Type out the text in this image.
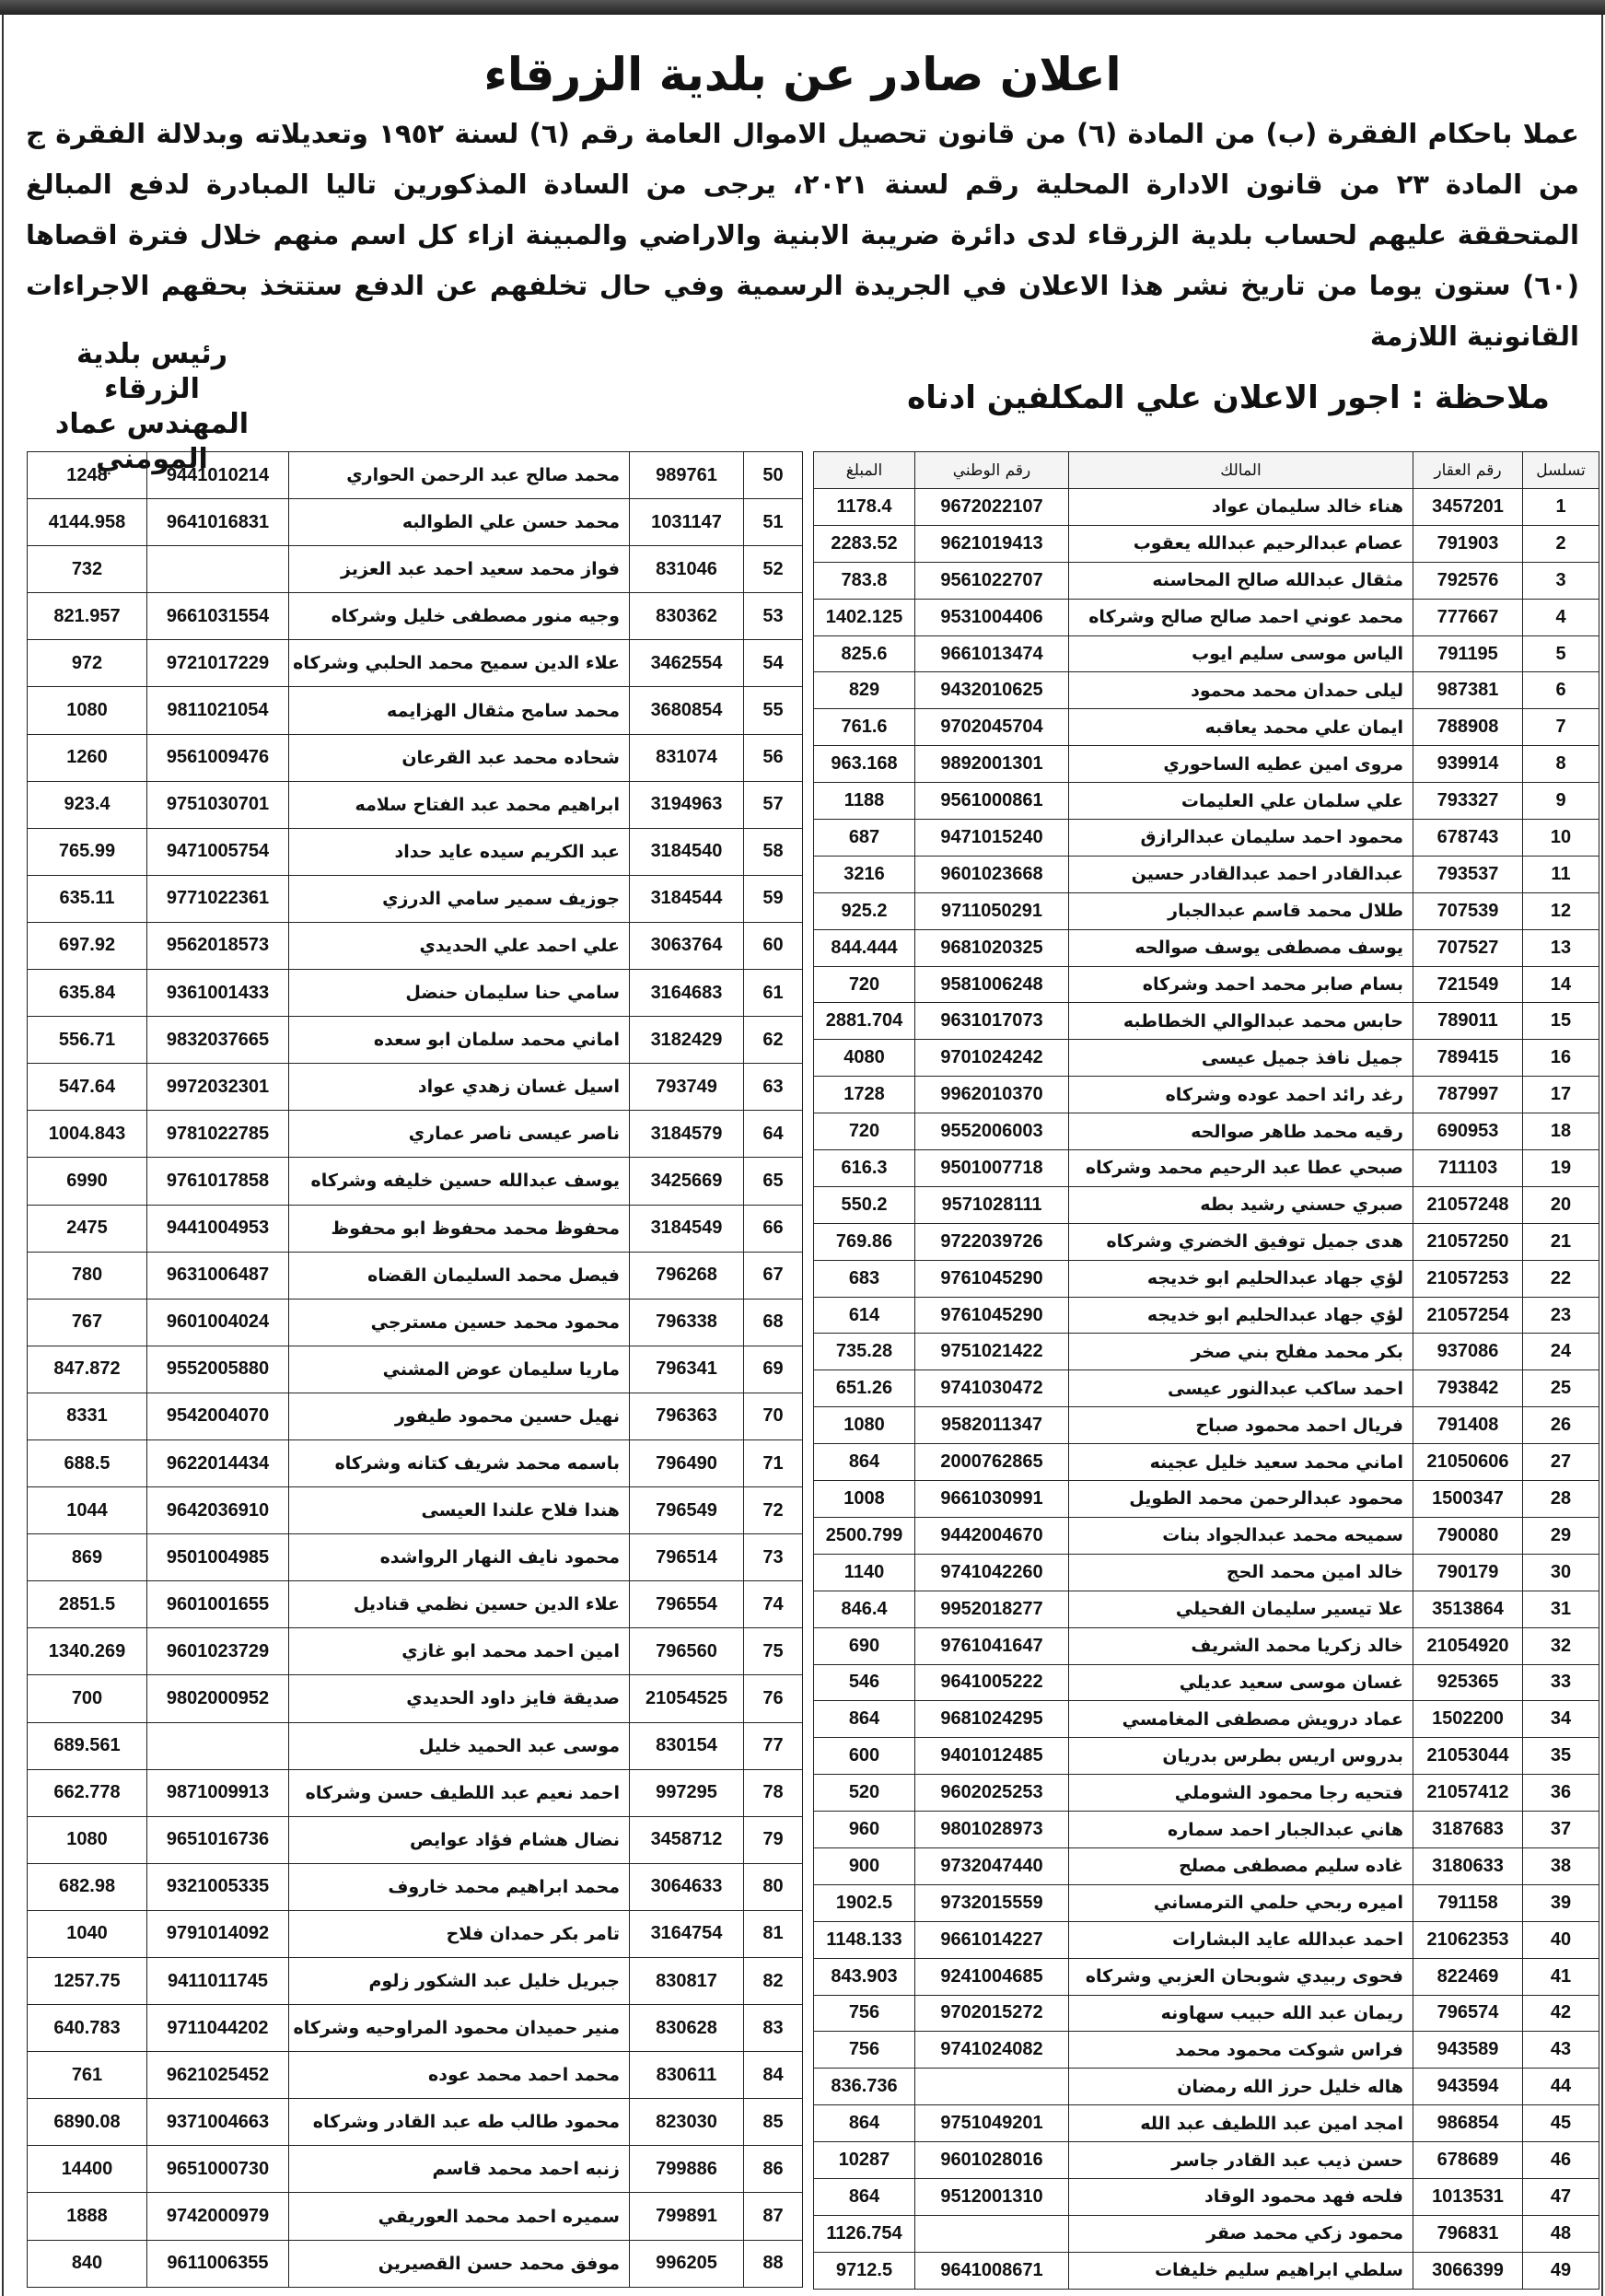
اعلان صادر عن بلدية الزرقاء

عملا باحكام الفقرة (ب) من المادة (٦) من قانون تحصيل الاموال العامة رقم (٦) لسنة ١٩٥٢ وتعديلاته وبدلالة الفقرة ج من المادة ٢٣ من قانون الادارة المحلية رقم لسنة ٢٠٢١، يرجى من السادة المذكورين تاليا المبادرة لدفع المبالغ المتحققة عليهم لحساب بلدية الزرقاء لدى دائرة ضريبة الابنية والاراضي والمبينة ازاء كل اسم منهم خلال فترة اقصاها (٦٠) ستون يوما من تاريخ نشر هذا الاعلان في الجريدة الرسمية وفي حال تخلفهم عن الدفع ستتخذ بحقهم الاجراءات القانونية اللازمة

رئيس بلدية الزرقاء
المهندس عماد المومني
ملاحظة : اجور الاعلان علي المكلفين ادناه
تسلسل	رقم العقار	المالك	رقم الوطني	المبلغ
1	3457201	هناء خالد سليمان عواد	9672022107	1178.4
2	791903	عصام عبدالرحيم عبدالله يعقوب	9621019413	2283.52
3	792576	مثقال عبدالله صالح المحاسنه	9561022707	783.8
4	777667	محمد عوني احمد صالح صالح وشركاه	9531004406	1402.125
5	791195	الياس موسى سليم ايوب	9661013474	825.6
6	987381	ليلى حمدان محمد محمود	9432010625	829
7	788908	ايمان علي محمد يعاقبه	9702045704	761.6
8	939914	مروى امين عطيه الساحوري	9892001301	963.168
9	793327	علي سلمان علي العليمات	9561000861	1188
10	678743	محمود احمد سليمان عبدالرازق	9471015240	687
11	793537	عبدالقادر احمد عبدالقادر حسين	9601023668	3216
12	707539	طلال محمد قاسم عبدالجبار	9711050291	925.2
13	707527	يوسف مصطفى يوسف صوالحه	9681020325	844.444
14	721549	بسام صابر محمد احمد وشركاه	9581006248	720
15	789011	حابس محمد عبدالوالي الخطاطبه	9631017073	2881.704
16	789415	جميل نافذ جميل عيسى	9701024242	4080
17	787997	رغد رائد احمد عوده وشركاه	9962010370	1728
18	690953	رقيه محمد طاهر صوالحه	9552006003	720
19	711103	صبحي عطا عبد الرحيم محمد وشركاه	9501007718	616.3
20	21057248	صبري حسني رشيد بطه	9571028111	550.2
21	21057250	هدى جميل توفيق الخضري وشركاه	9722039726	769.86
22	21057253	لؤي جهاد عبدالحليم ابو خديجه	9761045290	683
23	21057254	لؤي جهاد عبدالحليم ابو خديجه	9761045290	614
24	937086	بكر محمد مفلح بني صخر	9751021422	735.28
25	793842	احمد ساكب عبدالنور عيسى	9741030472	651.26
26	791408	فريال احمد محمود صباح	9582011347	1080
27	21050606	اماني محمد سعيد خليل عجينه	2000762865	864
28	1500347	محمود عبدالرحمن محمد الطويل	9661030991	1008
29	790080	سميحه محمد عبدالجواد بنات	9442004670	2500.799
30	790179	خالد امين محمد الحج	9741042260	1140
31	3513864	علا تيسير سليمان الفحيلي	9952018277	846.4
32	21054920	خالد زكريا محمد الشريف	9761041647	690
33	925365	غسان موسى سعيد عديلي	9641005222	546
34	1502200	عماد درويش مصطفى المغامسي	9681024295	864
35	21053044	بدروس اريس بطرس بدريان	9401012485	600
36	21057412	فتحيه رجا محمود الشوملي	9602025253	520
37	3187683	هاني عبدالجبار احمد سماره	9801028973	960
38	3180633	غاده سليم مصطفى مصلح	9732047440	900
39	791158	اميره ربحي حلمي الترمساني	9732015559	1902.5
40	21062353	احمد عبدالله عايد البشارات	9661014227	1148.133
41	822469	فحوى ربيدي شوبحان العزبي وشركاه	9241004685	843.903
42	796574	ريمان عبد الله حبيب سهاونه	9702015272	756
43	943589	فراس شوكت محمود محمد	9741024082	756
44	943594	هاله خليل حرز الله رمضان		836.736
45	986854	امجد امين عبد اللطيف عبد الله	9751049201	864
46	678689	حسن ذيب عبد القادر جاسر	9601028016	10287
47	1013531	فلحه فهد محمود الوقاد	9512001310	864
48	796831	محمود زكي محمد صقر		1126.754
49	3066399	سلطي ابراهيم سليم خليفات	9641008671	9712.5
50	989761	محمد صالح عبد الرحمن الحواري	9441010214	1248
51	1031147	محمد حسن علي الطوالبه	9641016831	4144.958
52	831046	فواز محمد سعيد احمد عبد العزيز		732
53	830362	وجيه منور مصطفى خليل وشركاه	9661031554	821.957
54	3462554	علاء الدين سميح محمد الحلبي وشركاه	9721017229	972
55	3680854	محمد سامح مثقال الهزايمه	9811021054	1080
56	831074	شحاده محمد عبد القرعان	9561009476	1260
57	3194963	ابراهيم محمد عبد الفتاح سلامه	9751030701	923.4
58	3184540	عبد الكريم سيده عايد حداد	9471005754	765.99
59	3184544	جوزيف سمير سامي الدرزي	9771022361	635.11
60	3063764	علي احمد علي الحديدي	9562018573	697.92
61	3164683	سامي حنا سليمان حنضل	9361001433	635.84
62	3182429	اماني محمد سلمان ابو سعده	9832037665	556.71
63	793749	اسيل غسان زهدي عواد	9972032301	547.64
64	3184579	ناصر عيسى ناصر عماري	9781022785	1004.843
65	3425669	يوسف عبدالله حسين خليفه وشركاه	9761017858	6990
66	3184549	محفوظ محمد محفوظ ابو محفوظ	9441004953	2475
67	796268	فيصل محمد السليمان القضاه	9631006487	780
68	796338	محمود محمد حسين مسترجي	9601004024	767
69	796341	ماريا سليمان عوض المشني	9552005880	847.872
70	796363	نهيل حسين محمود طيفور	9542004070	8331
71	796490	باسمه محمد شريف كتانه وشركاه	9622014434	688.5
72	796549	هندا فلاح علندا العيسى	9642036910	1044
73	796514	محمود نايف النهار الرواشده	9501004985	869
74	796554	علاء الدين حسين نظمي قناديل	9601001655	2851.5
75	796560	امين احمد محمد ابو غازي	9601023729	1340.269
76	21054525	صديقة فايز داود الحديدي	9802000952	700
77	830154	موسى عبد الحميد خليل		689.561
78	997295	احمد نعيم عبد اللطيف حسن وشركاه	9871009913	662.778
79	3458712	نضال هشام فؤاد عوايص	9651016736	1080
80	3064633	محمد ابراهيم محمد خاروف	9321005335	682.98
81	3164754	تامر بكر حمدان فلاح	9791014092	1040
82	830817	جبريل خليل عبد الشكور زلوم	9411011745	1257.75
83	830628	منير حميدان محمود المراوحيه وشركاه	9711044202	640.783
84	830611	محمد احمد محمد عوده	9621025452	761
85	823030	محمود طالب طه عبد القادر وشركاه	9371004663	6890.08
86	799886	زنبه احمد محمد قاسم	9651000730	14400
87	799891	سميره احمد محمد العوريقي	9742000979	1888
88	996205	موفق محمد حسن القصيرين	9611006355	840
